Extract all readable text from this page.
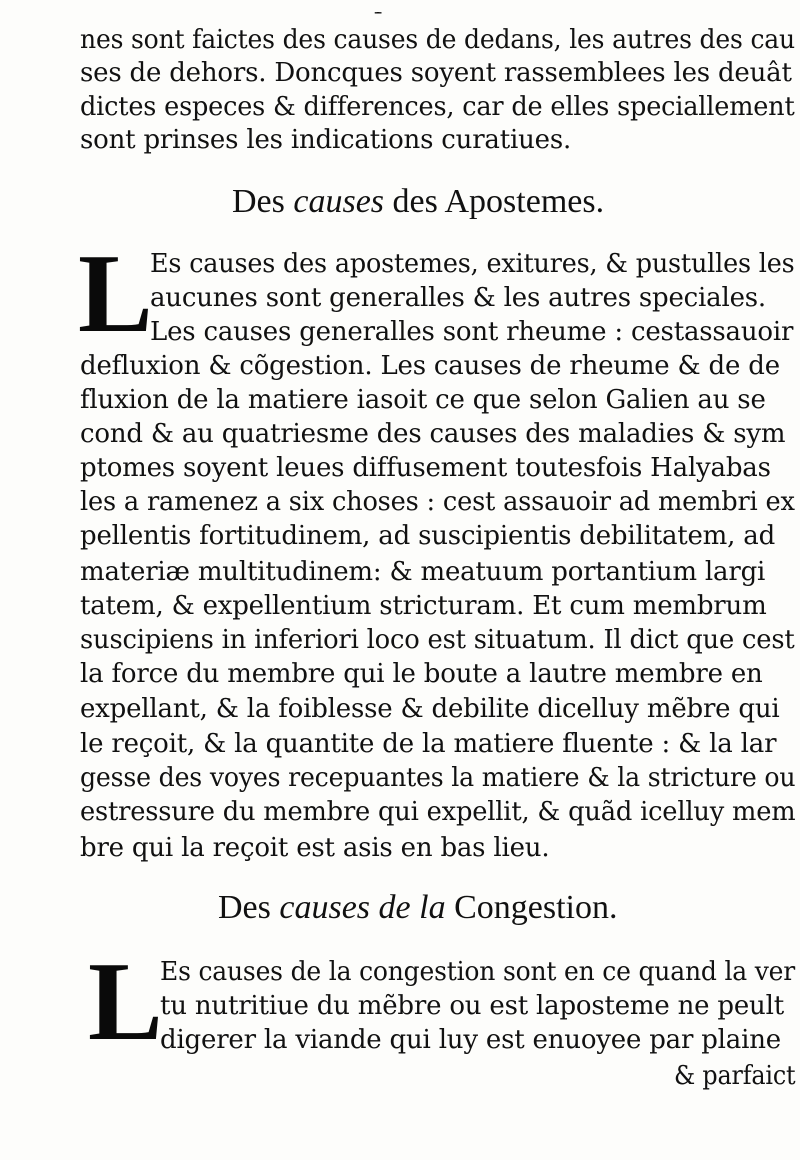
nes sont faictes des causes de dedans, les autres des cau
ses de dehors. Doncques soyent rassemblees les deuât
dictes especes & differences, car de elles speciallement
sont prinses les indications curatiues.
Des causes des Apostemes.
L
Es causes des apostemes, exitures, & pustulles les
aucunes sont generalles & les autres speciales.
Les causes generalles sont rheume : cestassauoir
defluxion & cõgestion. Les causes de rheume & de de
fluxion de la matiere iasoit ce que selon Galien au se
cond & au quatriesme des causes des maladies & sym
ptomes soyent leues diffusement toutesfois Halyabas
les a ramenez a six choses : cest assauoir ad membri ex
pellentis fortitudinem, ad suscipientis debilitatem, ad
materiæ multitudinem: & meatuum portantium largi
tatem, & expellentium stricturam. Et cum membrum
suscipiens in inferiori loco est situatum. Il dict que cest
la force du membre qui le boute a lautre membre en
expellant, & la foiblesse & debilite dicelluy mẽbre qui
le reçoit, & la quantite de la matiere fluente : & la lar
gesse des voyes recepuantes la matiere & la stricture ou
estressure du membre qui expellit, & quãd icelluy mem
bre qui la reçoit est asis en bas lieu.
Des causes de la Congestion.
L
Es causes de la congestion sont en ce quand la ver
tu nutritiue du mẽbre ou est laposteme ne peult
digerer la viande qui luy est enuoyee par plaine
& parfaict
